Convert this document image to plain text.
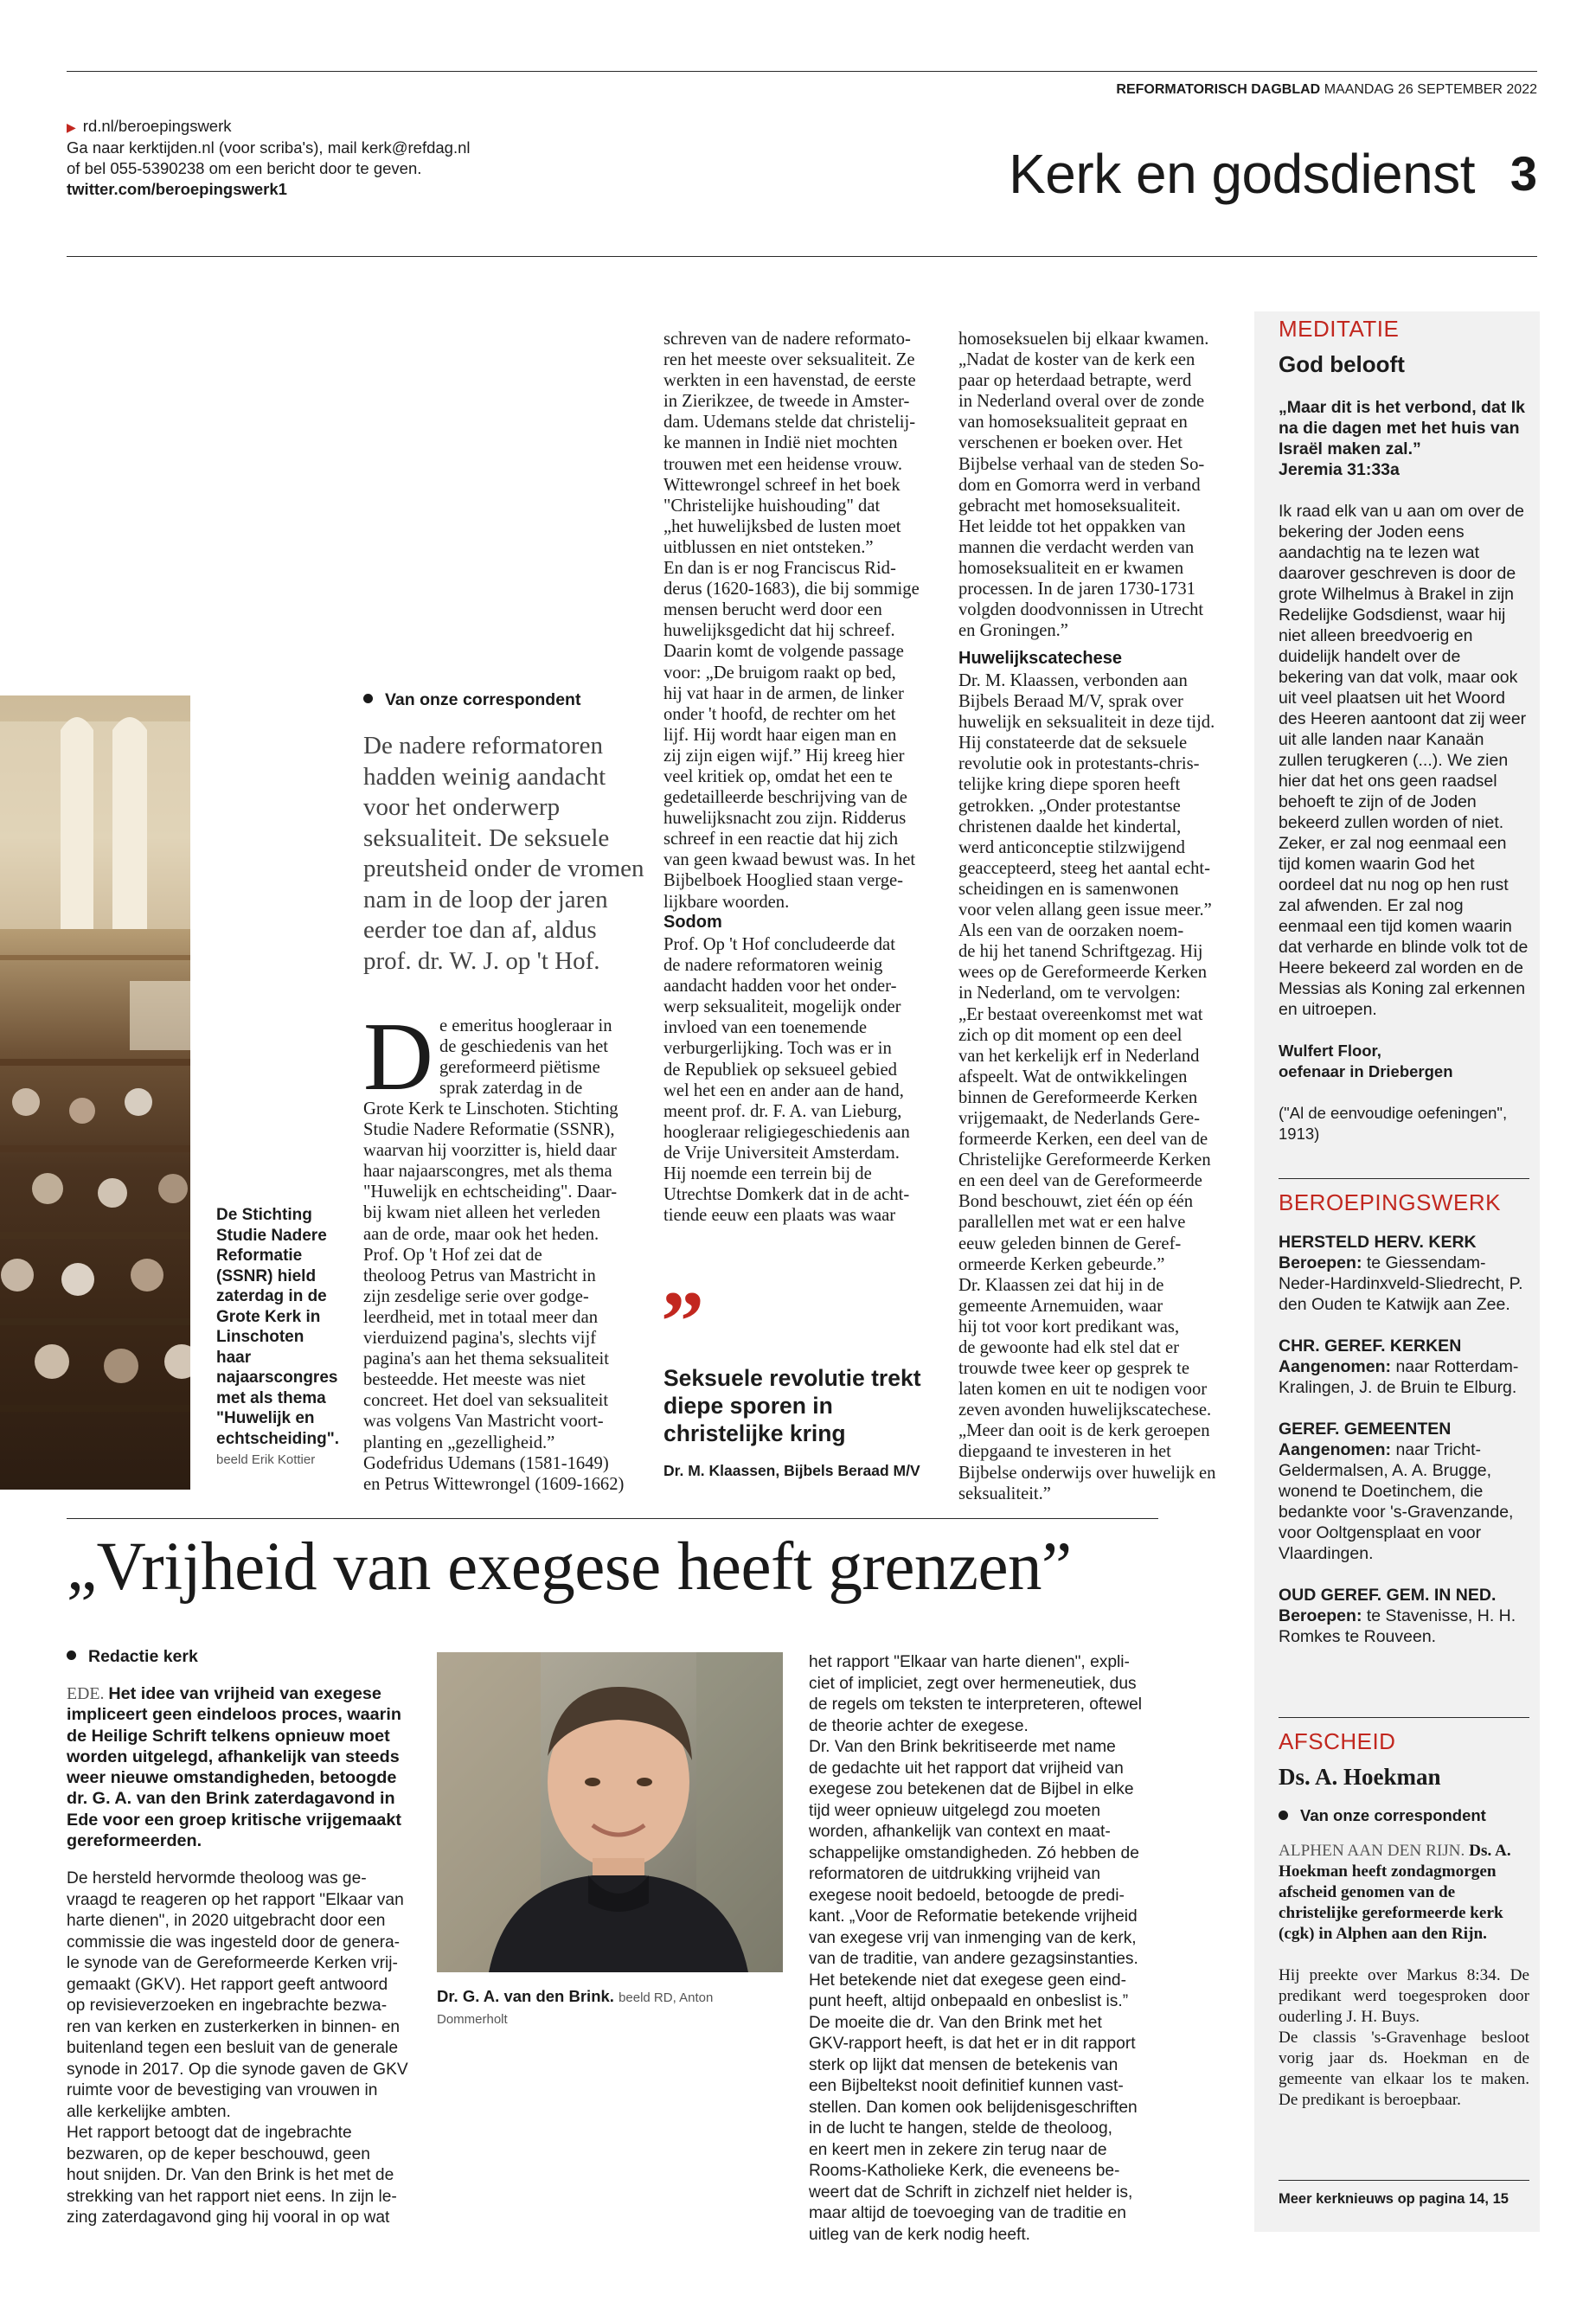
▶ rd.nl/beroepingswerk
Ga naar kerktijden.nl (voor scriba's), mail kerk@refdag.nl
of bel 055-5390238 om een bericht door te geven.
twitter.com/beroepingswerk1
REFORMATORISCH DAGBLAD MAANDAG 26 SEPTEMBER 2022
Kerk en godsdienst 3
De Stichting Studie Nadere Reformatie (SSNR) hield zaterdag in de Grote Kerk in Linschoten haar najaarscongres met als thema "Huwelijk en echtscheiding". beeld Erik Kottier
Van onze correspondent
De nadere reformatoren hadden weinig aandacht voor het onderwerp seksualiteit. De seksuele preutsheid onder de vromen nam in de loop der jaren eerder toe dan af, aldus prof. dr. W. J. op 't Hof.
D e emeritus hoogleraar in
de geschiedenis van het
gereformeerd piëtisme
sprak zaterdag in de

Grote Kerk te Linschoten. Stichting
Studie Nadere Reformatie (SSNR),
waarvan hij voorzitter is, hield daar
haar najaarscongres, met als thema
"Huwelijk en echtscheiding". Daar-
bij kwam niet alleen het verleden
aan de orde, maar ook het heden.
Prof. Op 't Hof zei dat de
theoloog Petrus van Mastricht in
zijn zesdelige serie over godge-
leerdheid, met in totaal meer dan
vierduizend pagina's, slechts vijf
pagina's aan het thema seksualiteit
besteedde. Het meeste was niet
concreet. Het doel van seksualiteit
was volgens Van Mastricht voort-
planting en „gezelligheid.”
Godefridus Udemans (1581-1649)
en Petrus Wittewrongel (1609-1662)

schreven van de nadere reformato-
ren het meeste over seksualiteit. Ze
werkten in een havenstad, de eerste
in Zierikzee, de tweede in Amster-
dam. Udemans stelde dat christelij-
ke mannen in Indië niet mochten
trouwen met een heidense vrouw.
Wittewrongel schreef in het boek
"Christelijke huishouding" dat
„het huwelijksbed de lusten moet
uitblussen en niet ontsteken.”
En dan is er nog Franciscus Rid-
derus (1620-1683), die bij sommige
mensen berucht werd door een
huwelijksgedicht dat hij schreef.
Daarin komt de volgende passage
voor: „De bruigom raakt op bed,
hij vat haar in de armen, de linker
onder 't hoofd, de rechter om het
lijf. Hij wordt haar eigen man en
zij zijn eigen wijf.” Hij kreeg hier
veel kritiek op, omdat het een te
gedetailleerde beschrijving van de
huwelijksnacht zou zijn. Ridderus
schreef in een reactie dat hij zich
van geen kwaad bewust was. In het
Bijbelboek Hooglied staan verge-
lijkbare woorden.

Sodom

Prof. Op 't Hof concludeerde dat
de nadere reformatoren weinig
aandacht hadden voor het onder-
werp seksualiteit, mogelijk onder
invloed van een toenemende
verburgerlijking. Toch was er in
de Republiek op seksueel gebied
wel het een en ander aan de hand,
meent prof. dr. F. A. van Lieburg,
hoogleraar religiegeschiedenis aan
de Vrije Universiteit Amsterdam.
Hij noemde een terrein bij de
Utrechtse Domkerk dat in de acht-
tiende eeuw een plaats was waar

”
Seksuele revolutie trekt diepe sporen in christelijke kring
Dr. M. Klaassen, Bijbels Beraad M/V

homoseksuelen bij elkaar kwamen.
„Nadat de koster van de kerk een
paar op heterdaad betrapte, werd
in Nederland overal over de zonde
van homoseksualiteit gepraat en
verschenen er boeken over. Het
Bijbelse verhaal van de steden So-
dom en Gomorra werd in verband
gebracht met homoseksualiteit.
Het leidde tot het oppakken van
mannen die verdacht werden van
homoseksualiteit en er kwamen
processen. In de jaren 1730-1731
volgden doodvonnissen in Utrecht
en Groningen.”

Huwelijkscatechese

Dr. M. Klaassen, verbonden aan
Bijbels Beraad M/V, sprak over
huwelijk en seksualiteit in deze tijd.
Hij constateerde dat de seksuele
revolutie ook in protestants-chris-
telijke kring diepe sporen heeft
getrokken. „Onder protestantse
christenen daalde het kindertal,
werd anticonceptie stilzwijgend
geaccepteerd, steeg het aantal echt-
scheidingen en is samenwonen
voor velen allang geen issue meer.”
Als een van de oorzaken noem-
de hij het tanend Schriftgezag. Hij
wees op de Gereformeerde Kerken
in Nederland, om te vervolgen:
„Er bestaat overeenkomst met wat
zich op dit moment op een deel
van het kerkelijk erf in Nederland
afspeelt. Wat de ontwikkelingen
binnen de Gereformeerde Kerken
vrijgemaakt, de Nederlands Gere-
formeerde Kerken, een deel van de
Christelijke Gereformeerde Kerken
en een deel van de Gereformeerde
Bond beschouwt, ziet één op één
parallellen met wat er een halve
eeuw geleden binnen de Geref-
ormeerde Kerken gebeurde.”
Dr. Klaassen zei dat hij in de
gemeente Arnemuiden, waar
hij tot voor kort predikant was,
de gewoonte had elk stel dat er
trouwde twee keer op gesprek te
laten komen en uit te nodigen voor
zeven avonden huwelijkscatechese.
„Meer dan ooit is de kerk geroepen
diepgaand te investeren in het
Bijbelse onderwijs over huwelijk en
seksualiteit.”

„Vrijheid van exegese heeft grenzen”
Redactie kerk
EDE. Het idee van vrijheid van exegese impliceert geen eindeloos proces, waarin de Heilige Schrift telkens opnieuw moet worden uitgelegd, afhankelijk van steeds weer nieuwe omstandigheden, betoogde dr. G. A. van den Brink zaterdagavond in Ede voor een groep kritische vrijgemaakt gereformeerden.

De hersteld hervormde theoloog was ge-
vraagd te reageren op het rapport "Elkaar van
harte dienen", in 2020 uitgebracht door een
commissie die was ingesteld door de genera-
le synode van de Gereformeerde Kerken vrij-
gemaakt (GKV). Het rapport geeft antwoord
op revisieverzoeken en ingebrachte bezwa-
ren van kerken en zusterkerken in binnen- en
buitenland tegen een besluit van de generale
synode in 2017. Op die synode gaven de GKV
ruimte voor de bevestiging van vrouwen in
alle kerkelijke ambten.
Het rapport betoogt dat de ingebrachte
bezwaren, op de keper beschouwd, geen
hout snijden. Dr. Van den Brink is het met de
strekking van het rapport niet eens. In zijn le-
zing zaterdagavond ging hij vooral in op wat

Dr. G. A. van den Brink. beeld RD, Anton Dommerholt

het rapport "Elkaar van harte dienen", expli-
ciet of impliciet, zegt over hermeneutiek, dus
de regels om teksten te interpreteren, oftewel
de theorie achter de exegese.
Dr. Van den Brink bekritiseerde met name
de gedachte uit het rapport dat vrijheid van
exegese zou betekenen dat de Bijbel in elke
tijd weer opnieuw uitgelegd zou moeten
worden, afhankelijk van context en maat-
schappelijke omstandigheden. Zó hebben de
reformatoren de uitdrukking vrijheid van
exegese nooit bedoeld, betoogde de predi-
kant. „Voor de Reformatie betekende vrijheid
van exegese vrij van inmenging van de kerk,
van de traditie, van andere gezagsinstanties.
Het betekende niet dat exegese geen eind-
punt heeft, altijd onbepaald en onbeslist is.”
De moeite die dr. Van den Brink met het
GKV-rapport heeft, is dat het er in dit rapport
sterk op lijkt dat mensen de betekenis van
een Bijbeltekst nooit definitief kunnen vast-
stellen. Dan komen ook belijdenisgeschriften
in de lucht te hangen, stelde de theoloog,
en keert men in zekere zin terug naar de
Rooms-Katholieke Kerk, die eveneens be-
weert dat de Schrift in zichzelf niet helder is,
maar altijd de toevoeging van de traditie en
uitleg van de kerk nodig heeft.

MEDITATIE
God belooft
„Maar dit is het verbond, dat Ik na die dagen met het huis van Israël maken zal.”
Jeremia 31:33a
Ik raad elk van u aan om over de bekering der Joden eens aandachtig na te lezen wat daarover geschreven is door de grote Wilhelmus à Brakel in zijn Redelijke Godsdienst, waar hij niet alleen breedvoerig en duidelijk handelt over de bekering van dat volk, maar ook uit veel plaatsen uit het Woord des Heeren aantoont dat zij weer uit alle landen naar Kanaän zullen terugkeren (...). We zien hier dat het ons geen raadsel behoeft te zijn of de Joden bekeerd zullen worden of niet. Zeker, er zal nog eenmaal een tijd komen waarin God het oordeel dat nu nog op hen rust zal afwenden. Er zal nog eenmaal een tijd komen waarin dat verharde en blinde volk tot de Heere bekeerd zal worden en de Messias als Koning zal erkennen en uitroepen.
Wulfert Floor,
oefenaar in Driebergen
("Al de eenvoudige oefeningen", 1913)
BEROEPINGSWERK
HERSTELD HERV. KERK
Beroepen: te Giessendam-Neder-Hardinxveld-Sliedrecht, P. den Ouden te Katwijk aan Zee.
CHR. GEREF. KERKEN
Aangenomen: naar Rotterdam-Kralingen, J. de Bruin te Elburg.
GEREF. GEMEENTEN
Aangenomen: naar Tricht-Geldermalsen, A. A. Brugge, wonend te Doetinchem, die bedankte voor 's-Gravenzande, voor Ooltgensplaat en voor Vlaardingen.
OUD GEREF. GEM. IN NED.
Beroepen: te Stavenisse, H. H. Romkes te Rouveen.
AFSCHEID
Ds. A. Hoekman
Van onze correspondent
ALPHEN AAN DEN RIJN. Ds. A. Hoekman heeft zondagmorgen afscheid genomen van de christelijke gereformeerde kerk (cgk) in Alphen aan den Rijn.
Hij preekte over Markus 8:34. De predikant werd toegesproken door ouderling J. H. Buys.
De classis 's-Gravenhage besloot vorig jaar ds. Hoekman en de gemeente van elkaar los te maken. De predikant is beroepbaar.
Meer kerknieuws op pagina 14, 15
